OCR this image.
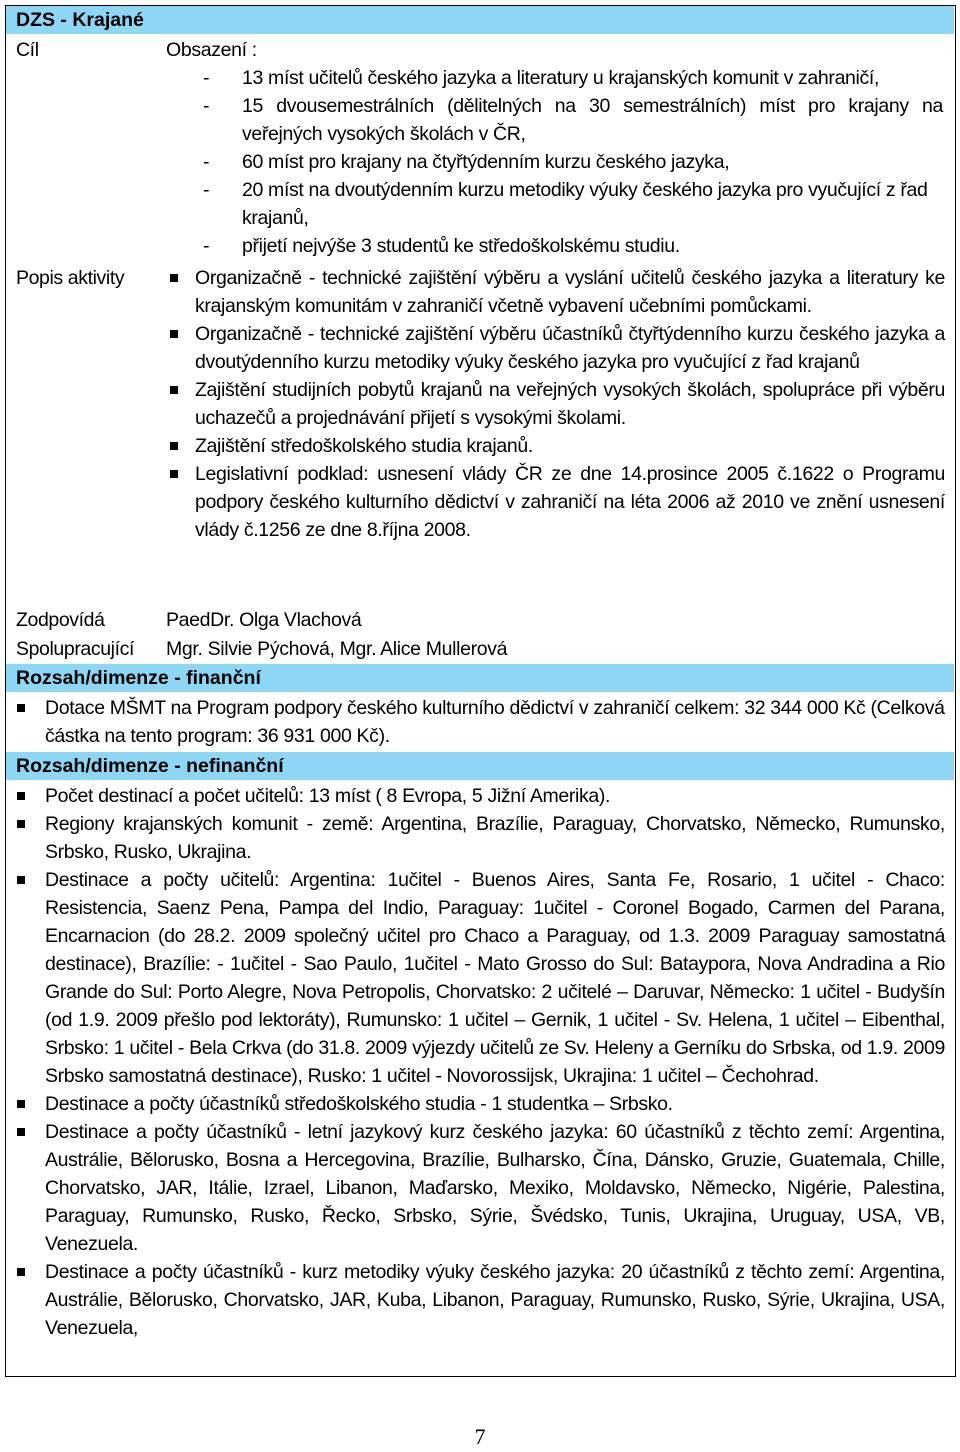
DZS - Krajané
Cíl	Obsazení :
- 13 míst učitelů českého jazyka a literatury u krajanských komunit v zahraničí,
- 15 dvousemestrálních (dělitelných na 30 semestrálních) míst pro krajany na veřejných vysokých školách v ČR,
- 60 míst pro krajany na čtyřtýdenním kurzu českého jazyka,
- 20 míst na dvoutýdenním kurzu metodiky výuky českého jazyka pro vyučující z řad krajanů,
- přijetí nejvýše 3 studentů ke středoškolskému studiu.
Popis aktivity	Organizačně - technické zajištění výběru a vyslání učitelů českého jazyka a literatury ke krajanským komunitám v zahraničí včetně vybavení učebními pomůckami.
Organizačně - technické zajištění výběru účastníků čtyřtýdenního kurzu českého jazyka a dvoutýdenního kurzu metodiky výuky českého jazyka pro vyučující z řad krajanů
Zajištění studijních pobytů krajanů na veřejných vysokých školách, spolupráce při výběru uchazečů a projednávání přijetí s vysokými školami.
Zajištění středoškolského studia krajanů.
Legislativní podklad: usnesení vlády ČR ze dne 14.prosince 2005 č.1622 o Programu podpory českého kulturního dědictví v zahraničí na léta 2006 až 2010 ve znění usnesení vlády č.1256 ze dne 8.října 2008.
Zodpovídá	PaedDr. Olga Vlachová
Spolupracující Mgr. Silvie Pýchová, Mgr. Alice Mullerová
Rozsah/dimenze - finanční
Dotace MŠMT na Program podpory českého kulturního dědictví v zahraničí celkem: 32 344 000 Kč (Celková částka na tento program: 36 931 000 Kč).
Rozsah/dimenze - nefinanční
Počet destinací a počet učitelů: 13 míst ( 8 Evropa, 5 Jižní Amerika).
Regiony krajanských komunit - země: Argentina, Brazílie, Paraguay, Chorvatsko, Německo, Rumunsko, Srbsko, Rusko, Ukrajina.
Destinace a počty učitelů: Argentina: 1učitel - Buenos Aires, Santa Fe, Rosario, 1 učitel - Chaco: Resistencia, Saenz Pena, Pampa del Indio, Paraguay: 1učitel - Coronel Bogado, Carmen del Parana, Encarnacion (do 28.2. 2009 společný učitel pro Chaco a Paraguay, od 1.3. 2009 Paraguay samostatná destinace), Brazílie: - 1učitel - Sao Paulo, 1učitel - Mato Grosso do Sul: Bataypora, Nova Andradina a Rio Grande do Sul: Porto Alegre, Nova Petropolis, Chorvatsko: 2 učitelé – Daruvar, Německo: 1 učitel - Budyšín (od 1.9. 2009 přešlo pod lektoráty), Rumunsko: 1 učitel – Gernik, 1 učitel - Sv. Helena, 1 učitel – Eibenthal, Srbsko: 1 učitel - Bela Crkva (do 31.8. 2009 výjezdy učitelů ze Sv. Heleny a Gerníku do Srbska, od 1.9. 2009 Srbsko samostatná destinace), Rusko: 1 učitel - Novorossijsk, Ukrajina: 1 učitel – Čechohrad.
Destinace a počty účastníků středoškolského studia - 1 studentka – Srbsko.
Destinace a počty účastníků - letní jazykový kurz českého jazyka: 60 účastníků z těchto zemí: Argentina, Austrálie, Bělorusko, Bosna a Hercegovina, Brazílie, Bulharsko, Čína, Dánsko, Gruzie, Guatemala, Chille, Chorvatsko, JAR, Itálie, Izrael, Libanon, Maďarsko, Mexiko, Moldavsko, Německo, Nigérie, Palestina, Paraguay, Rumunsko, Rusko, Řecko, Srbsko, Sýrie, Švédsko, Tunis, Ukrajina, Uruguay, USA, VB, Venezuela.
Destinace a počty účastníků - kurz metodiky výuky českého jazyka: 20 účastníků z těchto zemí: Argentina, Austrálie, Bělorusko, Chorvatsko, JAR, Kuba, Libanon, Paraguay, Rumunsko, Rusko, Sýrie, Ukrajina, USA, Venezuela,
7
